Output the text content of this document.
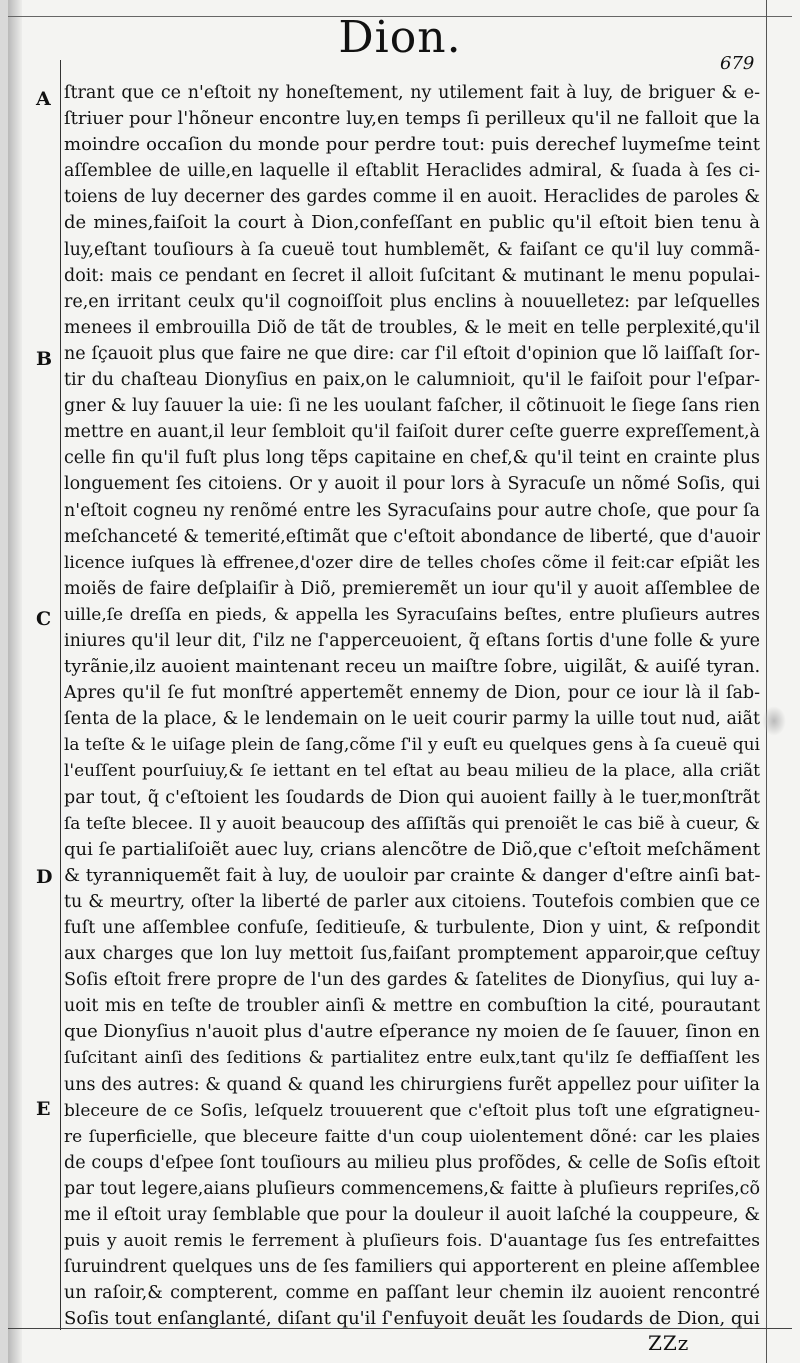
Dion.
679
A
B
C
D
E
ſtrant que ce n'eſtoit ny honeſtement, ny utilement fait à luy, de briguer & e-
ſtriuer pour l'hõneur encontre luy,en temps ſi perilleux qu'il ne falloit que la
moindre occaſion du monde pour perdre tout: puis derechef luymeſme teint
aſſemblee de uille,en laquelle il eſtablit Heraclides admiral, & ſuada à ſes ci-
toiens de luy decerner des gardes comme il en auoit. Heraclides de paroles &
de mines,faiſoit la court à Dion,confeſſant en public qu'il eſtoit bien tenu à
luy,eſtant touſiours à ſa cueuë tout humblemẽt, & faiſant ce qu'il luy commã-
doit: mais ce pendant en ſecret il alloit ſuſcitant & mutinant le menu populai-
re,en irritant ceulx qu'il cognoiſſoit plus enclins à nouuelletez: par leſquelles
menees il embrouilla Diõ de tãt de troubles, & le meit en telle perplexité,qu'il
ne ſçauoit plus que faire ne que dire: car ſ'il eſtoit d'opinion que lõ laiſſaſt ſor-
tir du chaſteau Dionyſius en paix,on le calumnioit, qu'il le faiſoit pour l'eſpar-
gner & luy ſauuer la uie: ſi ne les uoulant faſcher, il cõtinuoit le ſiege ſans rien
mettre en auant,il leur ſembloit qu'il faiſoit durer ceſte guerre expreſſement,à
celle fin qu'il fuſt plus long tẽps capitaine en chef,& qu'il teint en crainte plus
longuement ſes citoiens. Or y auoit il pour lors à Syracuſe un nõmé Soſis, qui
n'eſtoit cogneu ny renõmé entre les Syracuſains pour autre choſe, que pour ſa
meſchanceté & temerité,eſtimãt que c'eſtoit abondance de liberté, que d'auoir
licence iuſques là effrenee,d'ozer dire de telles choſes cõme il feit:car eſpiãt les
moiẽs de faire deſplaiſir à Diõ, premieremẽt un iour qu'il y auoit aſſemblee de
uille,ſe dreſſa en pieds, & appella les Syracuſains beſtes, entre pluſieurs autres
iniures qu'il leur dit, ſ'ilz ne ſ'apperceuoient, q̃ eſtans ſortis d'une folle & yure
tyrãnie,ilz auoient maintenant receu un maiſtre ſobre, uigilãt, & auiſé tyran.
Apres qu'il ſe fut monſtré appertemẽt ennemy de Dion, pour ce iour là il ſab-
ſenta de la place, & le lendemain on le ueit courir parmy la uille tout nud, aiãt
la teſte & le uiſage plein de ſang,cõme ſ'il y euſt eu quelques gens à ſa cueuë qui
l'euſſent pourſuiuy,& ſe iettant en tel eſtat au beau milieu de la place, alla criãt
par tout, q̃ c'eſtoient les ſoudards de Dion qui auoient failly à le tuer,monſtrãt
ſa teſte blecee. Il y auoit beaucoup des aſſiſtãs qui prenoiẽt le cas biẽ à cueur, &
qui ſe partialiſoiẽt auec luy, crians alencõtre de Diõ,que c'eſtoit meſchãment
& tyranniquemẽt fait à luy, de uouloir par crainte & danger d'eſtre ainſi bat-
tu & meurtry, oſter la liberté de parler aux citoiens. Toutefois combien que ce
fuſt une aſſemblee confuſe, ſeditieuſe, & turbulente, Dion y uint, & reſpondit
aux charges que lon luy mettoit ſus,faiſant promptement apparoir,que ceſtuy
Soſis eſtoit frere propre de l'un des gardes & ſatelites de Dionyſius, qui luy a-
uoit mis en teſte de troubler ainſi & mettre en combuſtion la cité, pourautant
que Dionyſius n'auoit plus d'autre eſperance ny moien de ſe ſauuer, ſinon en
ſuſcitant ainſi des ſeditions & partialitez entre eulx,tant qu'ilz ſe deffiaſſent les
uns des autres: & quand & quand les chirurgiens furẽt appellez pour uiſiter la
bleceure de ce Soſis, leſquelz trouuerent que c'eſtoit plus toſt une eſgratigneu-
re ſuperficielle, que bleceure faitte d'un coup uiolentement dõné: car les plaies
de coups d'eſpee ſont touſiours au milieu plus profõdes, & celle de Soſis eſtoit
par tout legere,aians pluſieurs commencemens,& faitte à pluſieurs repriſes,cõ
me il eſtoit uray ſemblable que pour la douleur il auoit laſché la couppeure, &
puis y auoit remis le ferrement à pluſieurs fois. D'auantage ſus ſes entrefaittes
ſuruindrent quelques uns de ſes familiers qui apporterent en pleine aſſemblee
un raſoir,& compterent, comme en paſſant leur chemin ilz auoient rencontré
Soſis tout enſanglanté, diſant qu'il ſ'enfuyoit deuãt les ſoudards de Dion, qui
ZZz
